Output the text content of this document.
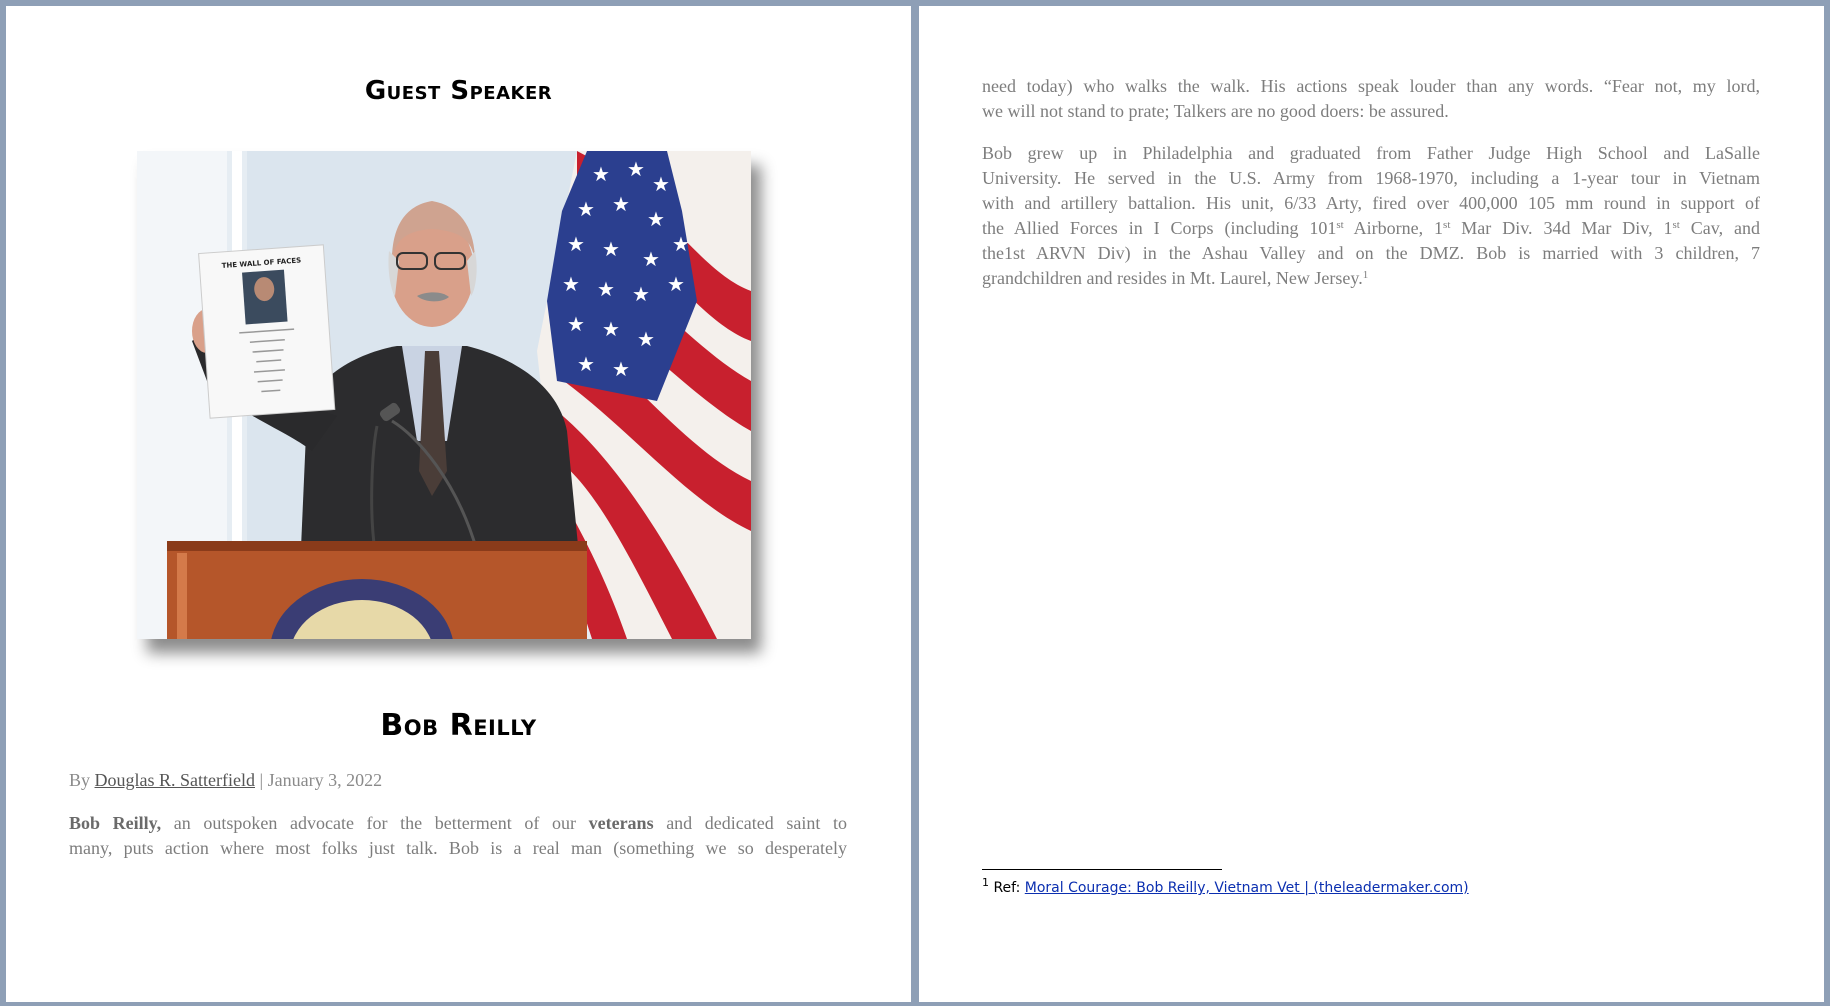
Guest Speaker
★ ★
★
★ ★
★
★ ★ ★
★
★ ★ ★ ★
★ ★ ★
★ ★
THE WALL OF FACES
Bob Reilly
By Douglas R. Satterfield | January 3, 2022
Bob Reilly, an outspoken advocate for the betterment of our veterans and dedicated saint to
many, puts action where most folks just talk. Bob is a real man (something we so desperately
need today) who walks the walk. His actions speak louder than any words. “Fear not, my lord,
we will not stand to prate; Talkers are no good doers: be assured.
Bob grew up in Philadelphia and graduated from Father Judge High School and LaSalle
University. He served in the U.S. Army from 1968-1970, including a 1-year tour in Vietnam
with and artillery battalion. His unit, 6/33 Arty, fired over 400,000 105 mm round in support of
the Allied Forces in I Corps (including 101st Airborne, 1st Mar Div. 34d Mar Div, 1st Cav, and
the1st ARVN Div) in the Ashau Valley and on the DMZ. Bob is married with 3 children, 7
grandchildren and resides in Mt. Laurel, New Jersey.$^1$
$^1$ Ref: Moral Courage: Bob Reilly, Vietnam Vet | (theleadermaker.com)
